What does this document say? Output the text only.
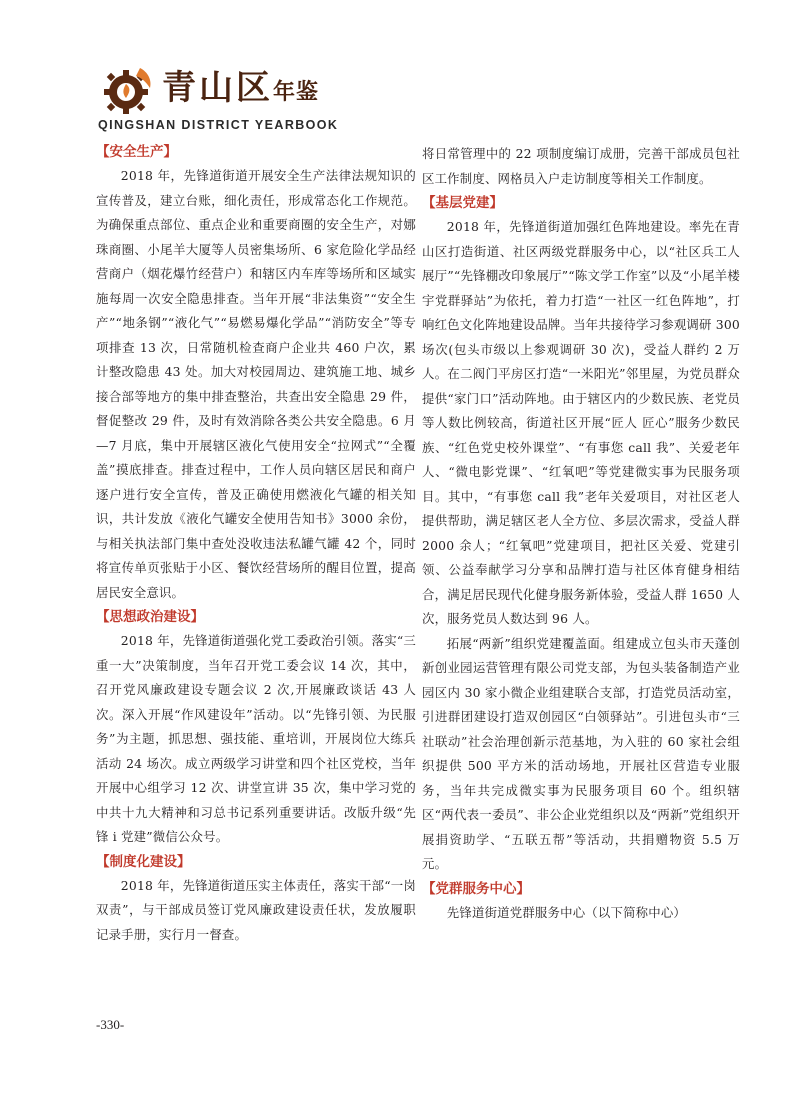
青山区年鉴
QINGSHAN DISTRICT YEARBOOK
【安全生产】

2018 年，先锋道街道开展安全生产法律法规知识的宣传普及，建立台账，细化责任，形成常态化工作规范。为确保重点部位、重点企业和重要商圈的安全生产，对娜珠商圈、小尾羊大厦等人员密集场所、6 家危险化学品经营商户（烟花爆竹经营户）和辖区内车库等场所和区域实施每周一次安全隐患排查。当年开展“非法集资”“安全生产”“地条钢”“液化气”“易燃易爆化学品”“消防安全”等专项排查 13 次，日常随机检查商户企业共 460 户次，累计整改隐患 43 处。加大对校园周边、建筑施工地、城乡接合部等地方的集中排查整治，共查出安全隐患 29 件，督促整改 29 件，及时有效消除各类公共安全隐患。6 月—7 月底，集中开展辖区液化气使用安全“拉网式”“全覆盖”摸底排查。排查过程中，工作人员向辖区居民和商户逐户进行安全宣传，普及正确使用燃液化气罐的相关知识，共计发放《液化气罐安全使用告知书》3000 余份，与相关执法部门集中查处没收违法私罐气罐 42 个，同时将宣传单页张贴于小区、餐饮经营场所的醒目位置，提高居民安全意识。

【思想政治建设】

2018 年，先锋道街道强化党工委政治引领。落实“三重一大”决策制度，当年召开党工委会议 14 次，其中，召开党风廉政建设专题会议 2 次,开展廉政谈话 43 人次。深入开展“作风建设年”活动。以“先锋引领、为民服务”为主题，抓思想、强技能、重培训，开展岗位大练兵活动 24 场次。成立两级学习讲堂和四个社区党校，当年开展中心组学习 12 次、讲堂宣讲 35 次，集中学习党的中共十九大精神和习总书记系列重要讲话。改版升级“先锋 i 党建”微信公众号。

【制度化建设】

2018 年，先锋道街道压实主体责任，落实干部“一岗双责”，与干部成员签订党风廉政建设责任状，发放履职记录手册，实行月一督查。

将日常管理中的 22 项制度编订成册，完善干部成员包社区工作制度、网格员入户走访制度等相关工作制度。

【基层党建】

2018 年，先锋道街道加强红色阵地建设。率先在青山区打造街道、社区两级党群服务中心，以“社区兵工人展厅”“先锋棚改印象展厅”“陈文学工作室”以及“小尾羊楼宇党群驿站”为依托，着力打造“一社区一红色阵地”，打响红色文化阵地建设品牌。当年共接待学习参观调研 300 场次(包头市级以上参观调研 30 次)，受益人群约 2 万人。在二阀门平房区打造“一米阳光”邻里屋，为党员群众提供“家门口”活动阵地。由于辖区内的少数民族、老党员等人数比例较高，街道社区开展“匠人 匠心”服务少数民族、“红色党史校外课堂”、“有事您 call 我”、关爱老年人、“微电影党课”、“红氧吧”等党建微实事为民服务项目。其中，“有事您 call 我”老年关爱项目，对社区老人提供帮助，满足辖区老人全方位、多层次需求，受益人群 2000 余人；“红氧吧”党建项目，把社区关爱、党建引领、公益奉献学习分享和品牌打造与社区体育健身相结合，满足居民现代化健身服务新体验，受益人群 1650 人次，服务党员人数达到 96 人。

拓展“两新”组织党建覆盖面。组建成立包头市天蓬创新创业园运营管理有限公司党支部，为包头装备制造产业园区内 30 家小微企业组建联合支部，打造党员活动室，引进群团建设打造双创园区“白领驿站”。引进包头市“三社联动”社会治理创新示范基地，为入驻的 60 家社会组织提供 500 平方米的活动场地，开展社区营造专业服务，当年共完成微实事为民服务项目 60 个。组织辖区“两代表一委员”、非公企业党组织以及“两新”党组织开展捐资助学、“五联五帮”等活动，共捐赠物资 5.5 万元。

【党群服务中心】

先锋道街道党群服务中心（以下简称中心）

-330-
